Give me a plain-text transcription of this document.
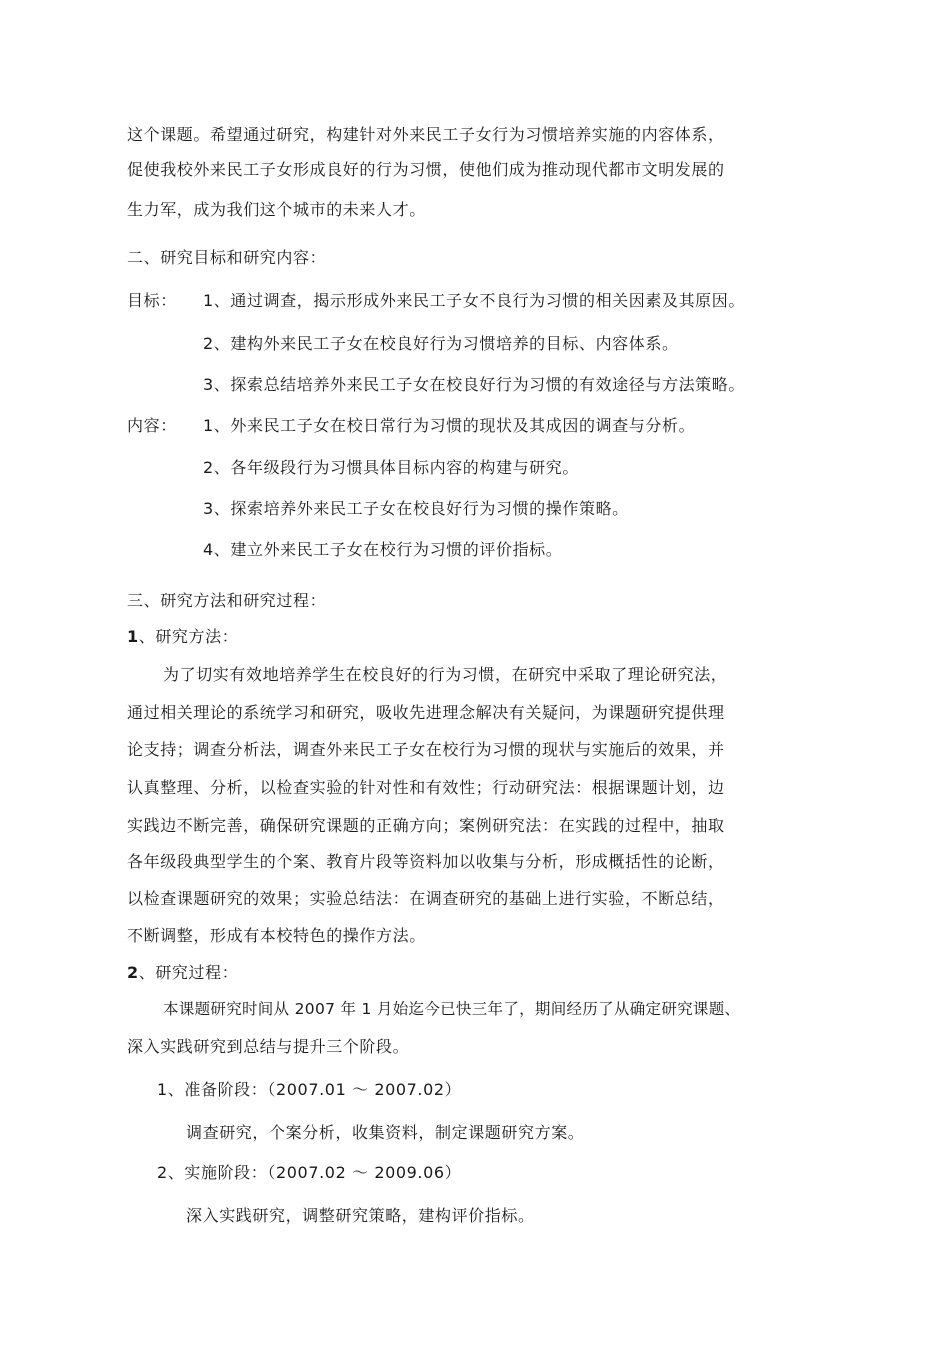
这个课题。希望通过研究，构建针对外来民工子女行为习惯培养实施的内容体系，
促使我校外来民工子女形成良好的行为习惯，使他们成为推动现代都市文明发展的
生力军，成为我们这个城市的未来人才。
二、研究目标和研究内容：
目标： 1、通过调查，揭示形成外来民工子女不良行为习惯的相关因素及其原因。
2、建构外来民工子女在校良好行为习惯培养的目标、内容体系。
3、探索总结培养外来民工子女在校良好行为习惯的有效途径与方法策略。
内容： 1、外来民工子女在校日常行为习惯的现状及其成因的调查与分析。
2、各年级段行为习惯具体目标内容的构建与研究。
3、探索培养外来民工子女在校良好行为习惯的操作策略。
4、建立外来民工子女在校行为习惯的评价指标。
三、研究方法和研究过程：
1、研究方法：
为了切实有效地培养学生在校良好的行为习惯，在研究中采取了理论研究法，
通过相关理论的系统学习和研究，吸收先进理念解决有关疑问，为课题研究提供理
论支持；调查分析法，调查外来民工子女在校行为习惯的现状与实施后的效果，并
认真整理、分析，以检查实验的针对性和有效性；行动研究法：根据课题计划，边
实践边不断完善，确保研究课题的正确方向；案例研究法：在实践的过程中，抽取
各年级段典型学生的个案、教育片段等资料加以收集与分析，形成概括性的论断，
以检查课题研究的效果；实验总结法：在调查研究的基础上进行实验，不断总结，
不断调整，形成有本校特色的操作方法。
2、研究过程：
本课题研究时间从 2007 年 1 月始迄今已快三年了，期间经历了从确定研究课题、
深入实践研究到总结与提升三个阶段。
1、准备阶段：（2007.01 ～ 2007.02）
调查研究，个案分析，收集资料，制定课题研究方案。
2、实施阶段：（2007.02 ～ 2009.06）
深入实践研究，调整研究策略，建构评价指标。
